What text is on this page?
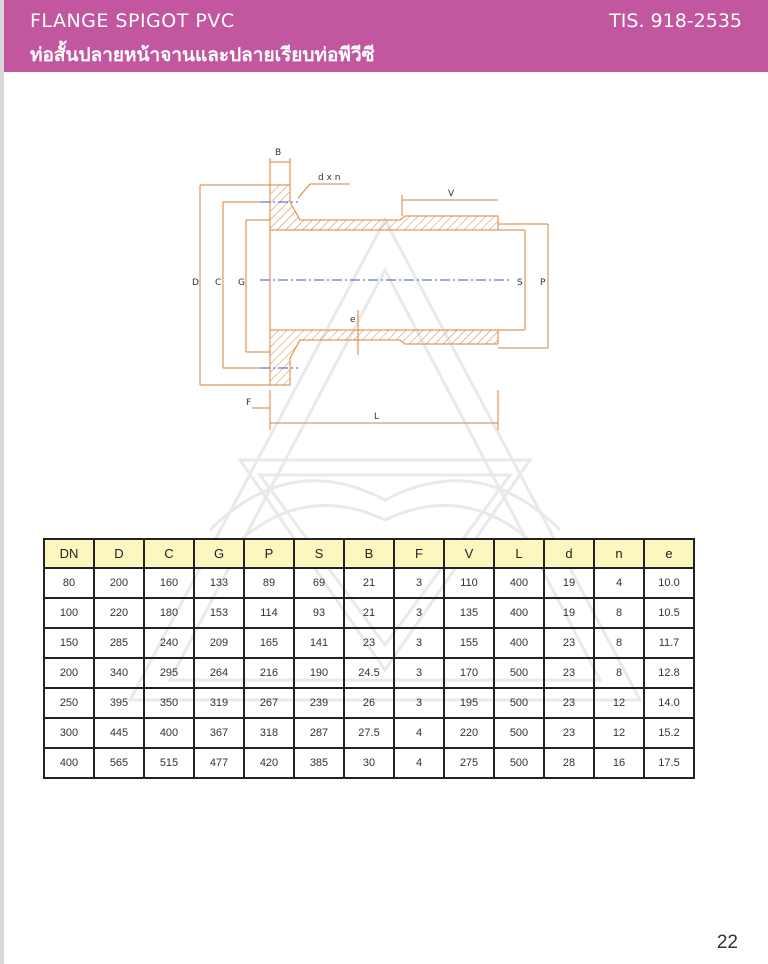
FLANGE SPIGOT PVC
ท่อสั้นปลายหน้าจานและปลายเรียบท่อพีวีซี
TIS. 918-2535
B
d x n
V
D C G	S P
e
F
L
DN	D	C	G	P	S	B	F	V	L	d	n	e
80	200	160	133	89	69	21	3	110	400	19	4	10.0
100	220	180	153	114	93	21	3	135	400	19	8	10.5
150	285	240	209	165	141	23	3	155	400	23	8	11.7
200	340	295	264	216	190	24.5	3	170	500	23	8	12.8
250	395	350	319	267	239	26	3	195	500	23	12	14.0
300	445	400	367	318	287	27.5	4	220	500	23	12	15.2
400	565	515	477	420	385	30	4	275	500	28	16	17.5
22
